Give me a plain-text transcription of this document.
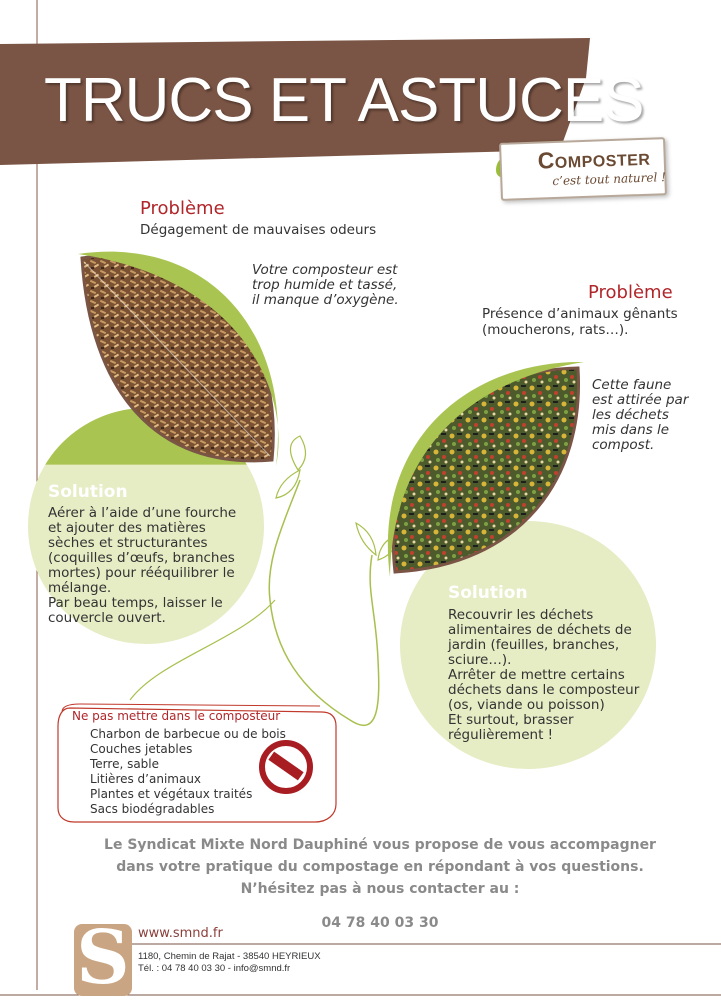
TRUCS ET ASTUCES
Composter
c’est tout naturel !
Problème
Dégagement de mauvaises odeurs
Votre composteur est
trop humide et tassé,
il manque d’oxygène.
Solution
Aérer à l’aide d’une fourche
et ajouter des matières
sèches et structurantes
(coquilles d’œufs, branches
mortes) pour rééquilibrer le
mélange.
Par beau temps, laisser le
couvercle ouvert.
Problème
Présence d’animaux gênants
(moucherons, rats…).
Cette faune
est attirée par
les déchets
mis dans le
compost.
Solution
Recouvrir les déchets
alimentaires de déchets de
jardin (feuilles, branches,
sciure…).
Arrêter de mettre certains
déchets dans le composteur
(os, viande ou poisson)
Et surtout, brasser
régulièrement !
Ne pas mettre dans le composteur
Charbon de barbecue ou de bois
Couches jetables
Terre, sable
Litières d’animaux
Plantes et végétaux traités
Sacs biodégradables
Le Syndicat Mixte Nord Dauphiné vous propose de vous accompagner
dans votre pratique du compostage en répondant à vos questions.
N’hésitez pas à nous contacter au :
04 78 40 03 30
S www.smnd.fr
1180, Chemin de Rajat - 38540 HEYRIEUX
Tél. : 04 78 40 03 30 - info@smnd.fr
